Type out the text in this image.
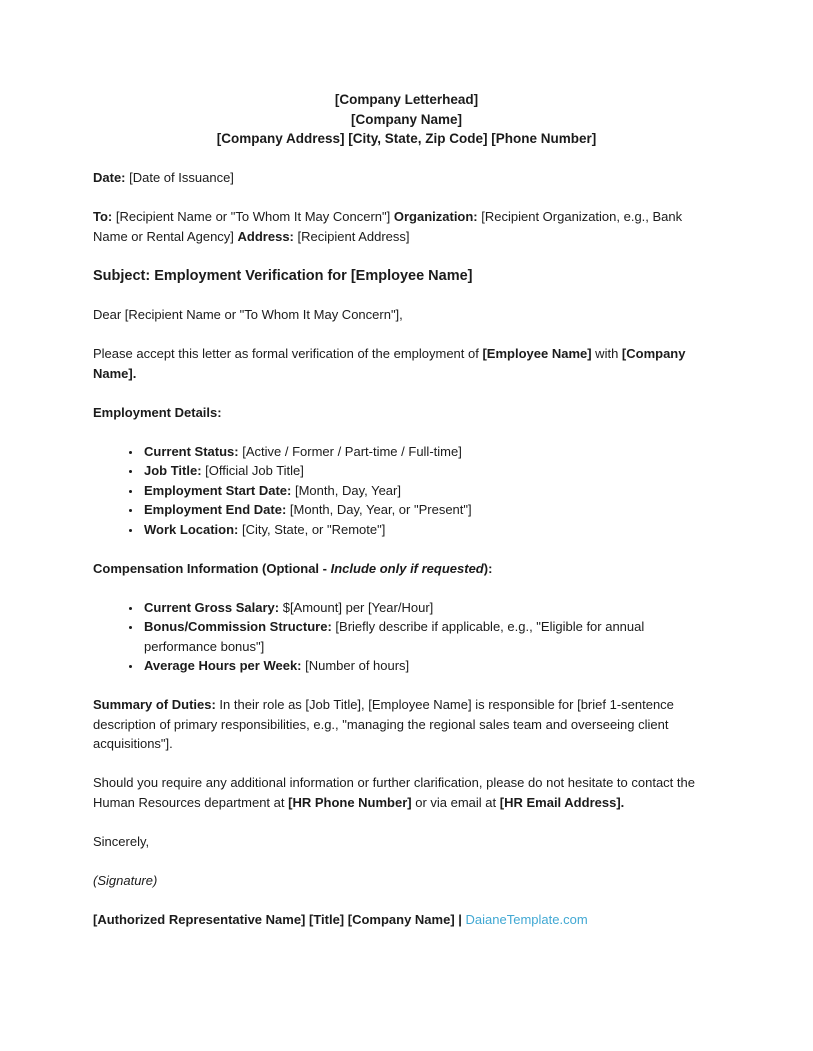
[Company Letterhead]

[Company Name]

[Company Address] [City, State, Zip Code] [Phone Number]

Date: [Date of Issuance]

To: [Recipient Name or "To Whom It May Concern"] Organization: [Recipient Organization, e.g., Bank Name or Rental Agency] Address: [Recipient Address]

Subject: Employment Verification for [Employee Name]

Dear [Recipient Name or "To Whom It May Concern"],

Please accept this letter as formal verification of the employment of [Employee Name] with [Company Name].

Employment Details:

• Current Status: [Active / Former / Part-time / Full-time]
• Job Title: [Official Job Title]
• Employment Start Date: [Month, Day, Year]
• Employment End Date: [Month, Day, Year, or "Present"]
• Work Location: [City, State, or "Remote"]

Compensation Information (Optional - Include only if requested):

• Current Gross Salary: $[Amount] per [Year/Hour]
• Bonus/Commission Structure: [Briefly describe if applicable, e.g., "Eligible for annual performance bonus"]
• Average Hours per Week: [Number of hours]

Summary of Duties: In their role as [Job Title], [Employee Name] is responsible for [brief 1-sentence description of primary responsibilities, e.g., "managing the regional sales team and overseeing client acquisitions"].

Should you require any additional information or further clarification, please do not hesitate to contact the Human Resources department at [HR Phone Number] or via email at [HR Email Address].

Sincerely,

(Signature)

[Authorized Representative Name] [Title] [Company Name] | DaianeTemplate.com
